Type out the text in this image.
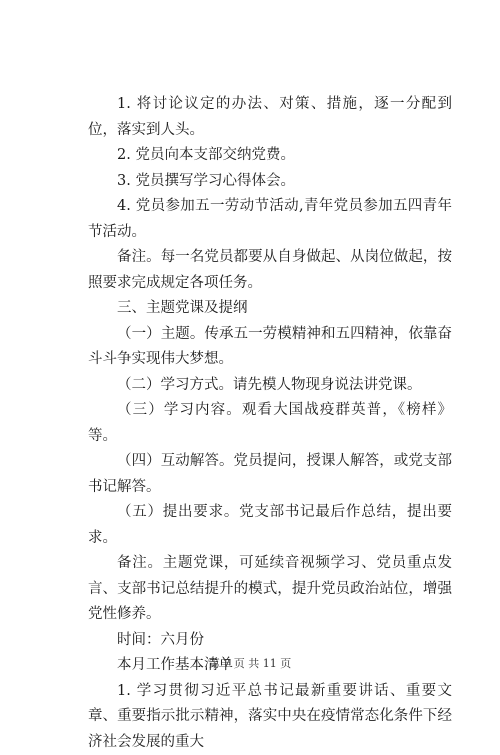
1. 将讨论议定的办法、对策、措施，逐一分配到位，落实到人头。

2. 党员向本支部交纳党费。

3. 党员撰写学习心得体会。

4. 党员参加五一劳动节活动,青年党员参加五四青年节活动。

备注。每一名党员都要从自身做起、从岗位做起，按照要求完成规定各项任务。

三、主题党课及提纲

（一）主题。传承五一劳模精神和五四精神，依靠奋斗斗争实现伟大梦想。

（二）学习方式。请先模人物现身说法讲党课。

（三）学习内容。观看大国战疫群英普，《榜样》等。

（四）互动解答。党员提问，授课人解答，或党支部书记解答。

（五）提出要求。党支部书记最后作总结，提出要求。

备注。主题党课，可延续音视频学习、党员重点发言、支部书记总结提升的模式，提升党员政治站位，增强党性修养。

时间：六月份

本月工作基本清单

1. 学习贯彻习近平总书记最新重要讲话、重要文章、重要指示批示精神，落实中央在疫情常态化条件下经济社会发展的重大

第 7 页 共 11 页
